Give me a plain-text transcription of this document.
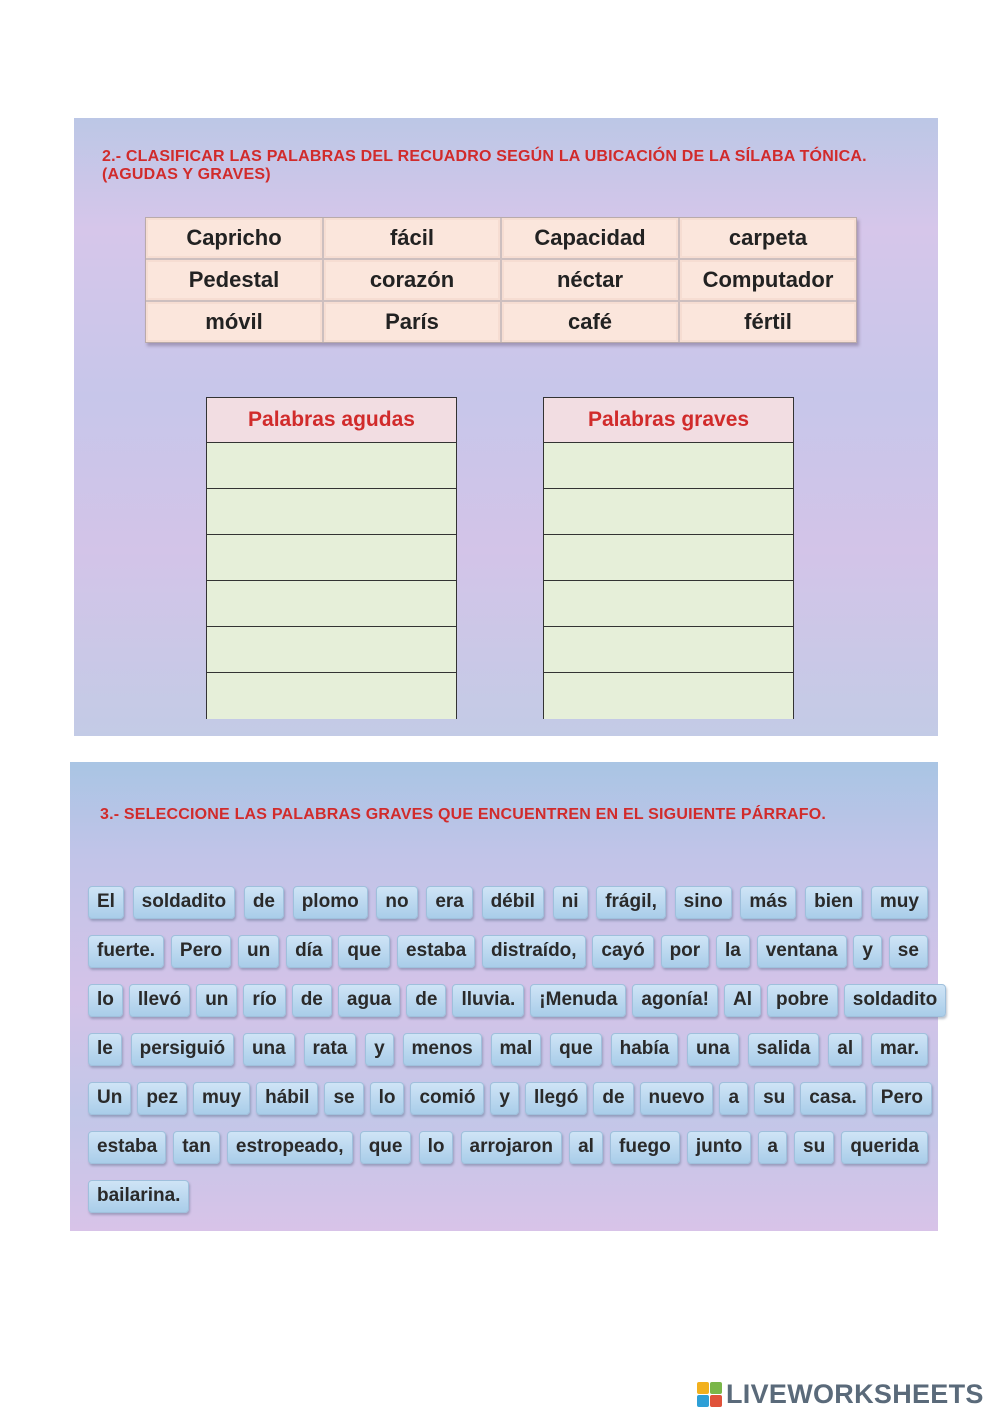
2.- CLASIFICAR LAS PALABRAS DEL RECUADRO SEGÚN LA UBICACIÓN DE LA SÍLABA TÓNICA. (AGUDAS Y GRAVES)
Capricho	fácil	Capacidad	carpeta
Pedestal	corazón	néctar	Computador
móvil	París	café	fértil
Palabras agudas	Palabras graves
3.- SELECCIONE LAS PALABRAS GRAVES QUE ENCUENTREN EN EL SIGUIENTE PÁRRAFO.
El	soldadito	de	plomo	no	era	débil	ni	frágil,	sino	más	bien	muy
fuerte.	Pero	un	día	que	estaba	distraído,	cayó	por	la	ventana	y	se
lo	llevó	un	río	de	agua	de	lluvia.	¡Menuda	agonía!	Al	pobre	soldadito
le	persiguió	una	rata	y	menos	mal	que	había	una	salida	al	mar.
Un	pez	muy	hábil	se	lo	comió	y	llegó	de	nuevo	a	su	casa.	Pero
estaba	tan	estropeado,	que	lo	arrojaron	al	fuego	junto	a	su	querida
bailarina.
LIVEWORKSHEETS
